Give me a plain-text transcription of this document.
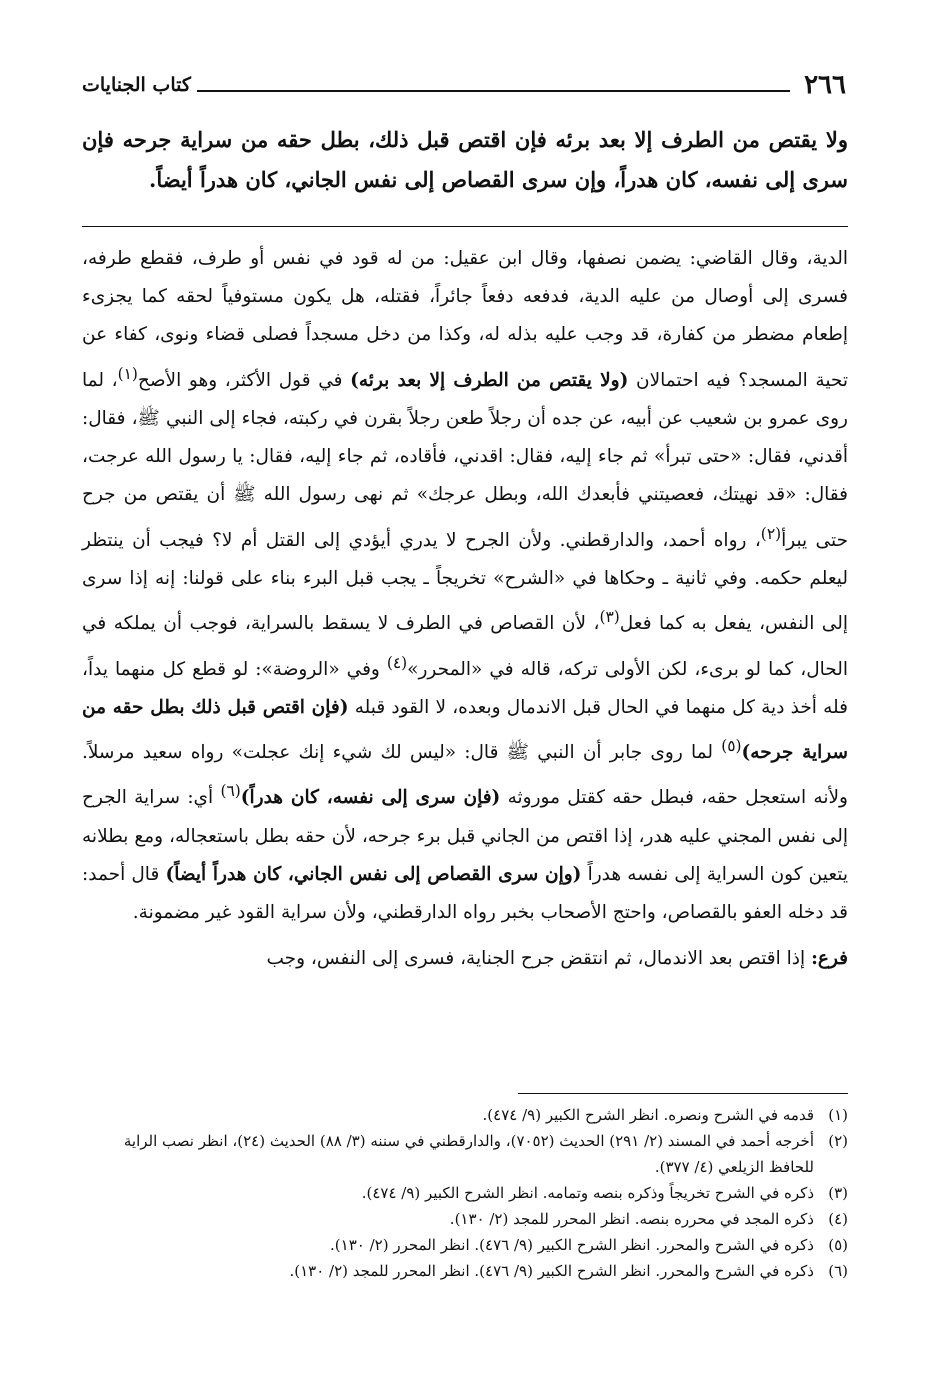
٢٦٦
كتاب الجنايات

ولا يقتص من الطرف إلا بعد برئه فإن اقتص قبل ذلك، بطل حقه من سراية جرحه فإن سرى إلى نفسه، كان هدراً، وإن سرى القصاص إلى نفس الجاني، كان هدراً أيضاً.

الدية، وقال القاضي: يضمن نصفها، وقال ابن عقيل: من له قود في نفس أو طرف، فقطع طرفه، فسرى إلى أوصال من عليه الدية، فدفعه دفعاً جائراً، فقتله، هل يكون مستوفياً لحقه كما يجزىء إطعام مضطر من كفارة، قد وجب عليه بذله له، وكذا من دخل مسجداً فصلى قضاء ونوى، كفاء عن تحية المسجد؟ فيه احتمالان (ولا يقتص من الطرف إلا بعد برئه) في قول الأكثر، وهو الأصح$^{(١)}$، لما روى عمرو بن شعيب عن أبيه، عن جده أن رجلاً طعن رجلاً بقرن في ركبته، فجاء إلى النبي ﷺ، فقال: أقدني، فقال: «حتى تبرأ» ثم جاء إليه، فقال: اقدني، فأقاده، ثم جاء إليه، فقال: يا رسول الله عرجت، فقال: «قد نهيتك، فعصيتني فأبعدك الله، وبطل عرجك» ثم نهى رسول الله ﷺ أن يقتص من جرح حتى يبرأ$^{(٢)}$، رواه أحمد، والدارقطني. ولأن الجرح لا يدري أيؤدي إلى القتل أم لا؟ فيجب أن ينتظر ليعلم حكمه. وفي ثانية ـ وحكاها في «الشرح» تخريجاً ـ يجب قبل البرء بناء على قولنا: إنه إذا سرى إلى النفس، يفعل به كما فعل$^{(٣)}$، لأن القصاص في الطرف لا يسقط بالسراية، فوجب أن يملكه في الحال، كما لو برىء، لكن الأولى تركه، قاله في «المحرر»$^{(٤)}$ وفي «الروضة»: لو قطع كل منهما يداً، فله أخذ دية كل منهما في الحال قبل الاندمال وبعده، لا القود قبله (فإن اقتص قبل ذلك بطل حقه من سراية جرحه)$^{(٥)}$ لما روى جابر أن النبي ﷺ قال: «ليس لك شيء إنك عجلت» رواه سعيد مرسلاً. ولأنه استعجل حقه، فبطل حقه كقتل موروثه (فإن سرى إلى نفسه، كان هدراً)$^{(٦)}$ أي: سراية الجرح إلى نفس المجني عليه هدر، إذا اقتص من الجاني قبل برء جرحه، لأن حقه بطل باستعجاله، ومع بطلانه يتعين كون السراية إلى نفسه هدراً (وإن سرى القصاص إلى نفس الجاني، كان هدراً أيضاً) قال أحمد: قد دخله العفو بالقصاص، واحتج الأصحاب بخبر رواه الدارقطني، ولأن سراية القود غير مضمونة.

فرع: إذا اقتص بعد الاندمال، ثم انتقض جرح الجناية، فسرى إلى النفس، وجب

(١)
قدمه في الشرح ونصره. انظر الشرح الكبير (٩/ ٤٧٤).
(٢)
أخرجه أحمد في المسند (٢/ ٢٩١) الحديث (٧٠٥٢)، والدارقطني في سننه (٣/ ٨٨) الحديث (٢٤)، انظر نصب الراية للحافظ الزيلعي (٤/ ٣٧٧).
(٣)
ذكره في الشرح تخريجاً وذكره بنصه وتمامه. انظر الشرح الكبير (٩/ ٤٧٤).
(٤)
ذكره المجد في محرره بنصه. انظر المحرر للمجد (٢/ ١٣٠).
(٥)
ذكره في الشرح والمحرر. انظر الشرح الكبير (٩/ ٤٧٦). انظر المحرر (٢/ ١٣٠).
(٦)
ذكره في الشرح والمحرر. انظر الشرح الكبير (٩/ ٤٧٦). انظر المحرر للمجد (٢/ ١٣٠).
